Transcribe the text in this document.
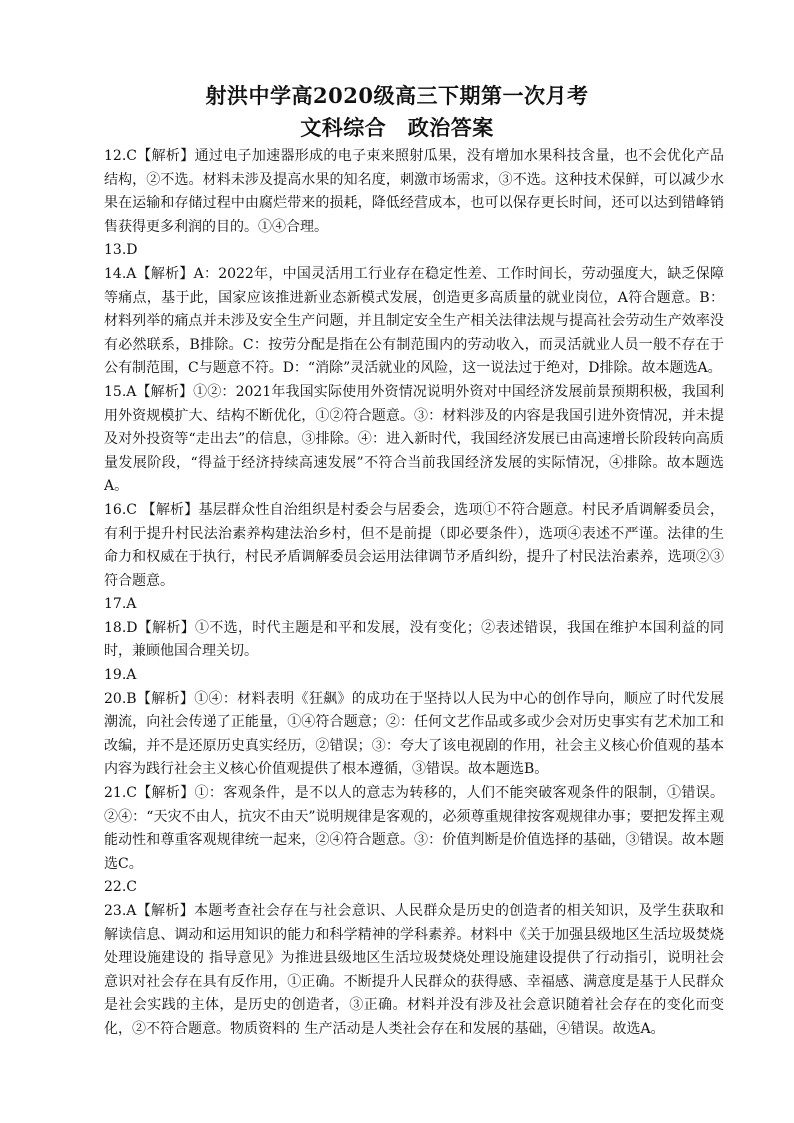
射洪中学高2020级高三下期第一次月考
文科综合　政治答案

12.C【解析】通过电子加速器形成的电子束来照射瓜果，没有增加水果科技含量，也不会优化产品结构，②不选。材料未涉及提高水果的知名度，刺激市场需求，③不选。这种技术保鲜，可以减少水果在运输和存储过程中由腐烂带来的损耗，降低经营成本，也可以保存更长时间，还可以达到错峰销售获得更多利润的目的。①④合理。

13.D

14.A【解析】A：2022年，中国灵活用工行业存在稳定性差、工作时间长，劳动强度大，缺乏保障等痛点，基于此，国家应该推进新业态新模式发展，创造更多高质量的就业岗位，A符合题意。B：材料列举的痛点并未涉及安全生产问题，并且制定安全生产相关法律法规与提高社会劳动生产效率没有必然联系，B排除。C：按劳分配是指在公有制范围内的劳动收入，而灵活就业人员一般不存在于公有制范围，C与题意不符。D：“消除”灵活就业的风险，这一说法过于绝对，D排除。故本题选A。

15.A【解析】①②：2021年我国实际使用外资情况说明外资对中国经济发展前景预期积极，我国利用外资规模扩大、结构不断优化，①②符合题意。③：材料涉及的内容是我国引进外资情况，并未提及对外投资等“走出去”的信息，③排除。④：进入新时代，我国经济发展已由高速增长阶段转向高质量发展阶段，“得益于经济持续高速发展”不符合当前我国经济发展的实际情况，④排除。故本题选A。

16.C 【解析】基层群众性自治组织是村委会与居委会，选项①不符合题意。村民矛盾调解委员会，有利于提升村民法治素养构建法治乡村，但不是前提（即必要条件），选项④表述不严谨。法律的生命力和权威在于执行，村民矛盾调解委员会运用法律调节矛盾纠纷，提升了村民法治素养，选项②③符合题意。

17.A

18.D【解析】①不选，时代主题是和平和发展，没有变化；②表述错误，我国在维护本国利益的同时，兼顾他国合理关切。

19.A

20.B【解析】①④：材料表明《狂飙》的成功在于坚持以人民为中心的创作导向，顺应了时代发展潮流，向社会传递了正能量，①④符合题意；②：任何文艺作品或多或少会对历史事实有艺术加工和改编，并不是还原历史真实经历，②错误；③：夸大了该电视剧的作用，社会主义核心价值观的基本内容为践行社会主义核心价值观提供了根本遵循，③错误。故本题选B。

21.C【解析】①：客观条件，是不以人的意志为转移的，人们不能突破客观条件的限制，①错误。 ②④：“天灾不由人，抗灾不由天”说明规律是客观的，必须尊重规律按客观规律办事；要把发挥主观能动性和尊重客观规律统一起来，②④符合题意。③：价值判断是价值选择的基础，③错误。故本题选C。

22.C

23.A【解析】本题考查社会存在与社会意识、人民群众是历史的创造者的相关知识，及学生获取和解读信息、调动和运用知识的能力和科学精神的学科素养。材料中《关于加强县级地区生活垃圾焚烧处理设施建设的 指导意见》为推进县级地区生活垃圾焚烧处理设施建设提供了行动指引，说明社会意识对社会存在具有反作用，①正确。不断提升人民群众的获得感、幸福感、满意度是基于人民群众是社会实践的主体，是历史的创造者，③正确。材料并没有涉及社会意识随着社会存在的变化而变化，②不符合题意。物质资料的 生产活动是人类社会存在和发展的基础，④错误。故选A。
